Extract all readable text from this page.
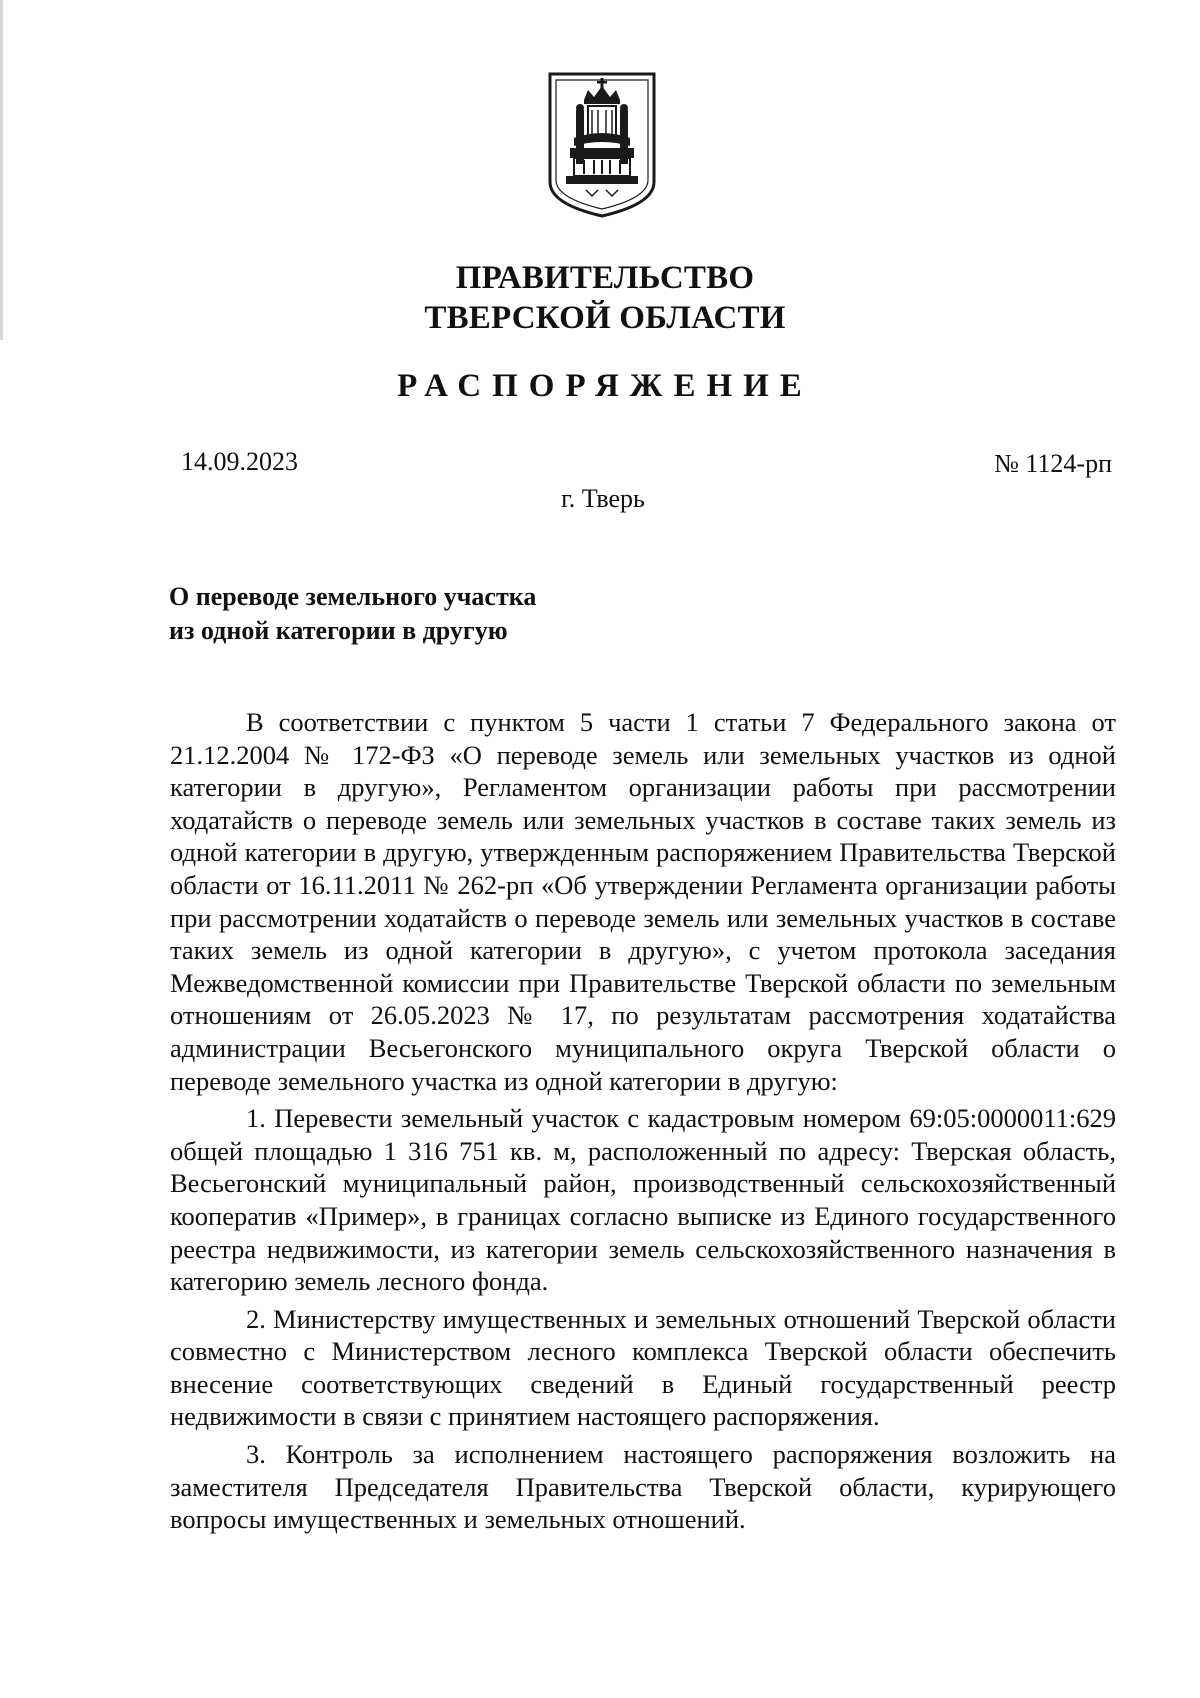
ПРАВИТЕЛЬСТВО
ТВЕРСКОЙ ОБЛАСТИ
РАСПОРЯЖЕНИЕ
14.09.2023	№ 1124-рп
г. Тверь
О переводе земельного участка
из одной категории в другую

В соответствии с пунктом 5 части 1 статьи 7 Федерального закона от 21.12.2004 № 172-ФЗ «О переводе земель или земельных участков из одной категории в другую», Регламентом организации работы при рассмотрении ходатайств о переводе земель или земельных участков в составе таких земель из одной категории в другую, утвержденным распоряжением Правительства Тверской области от 16.11.2011 № 262-рп «Об утверждении Регламента организации работы при рассмотрении ходатайств о переводе земель или земельных участков в составе таких земель из одной категории в другую», с учетом протокола заседания Межведомственной комиссии при Правительстве Тверской области по земельным отношениям от 26.05.2023 № 17, по результатам рассмотрения ходатайства администрации Весьегонского муниципального округа Тверской области о переводе земельного участка из одной категории в другую:

1. Перевести земельный участок с кадастровым номером 69:05:0000011:629 общей площадью 1 316 751 кв. м, расположенный по адресу: Тверская область, Весьегонский муниципальный район, производственный сельскохозяйственный кооператив «Пример», в границах согласно выписке из Единого государственного реестра недвижимости, из категории земель сельскохозяйственного назначения в категорию земель лесного фонда.

2. Министерству имущественных и земельных отношений Тверской области совместно с Министерством лесного комплекса Тверской области обеспечить внесение соответствующих сведений в Единый государственный реестр недвижимости в связи с принятием настоящего распоряжения.

3. Контроль за исполнением настоящего распоряжения возложить на заместителя Председателя Правительства Тверской области, курирующего вопросы имущественных и земельных отношений.
